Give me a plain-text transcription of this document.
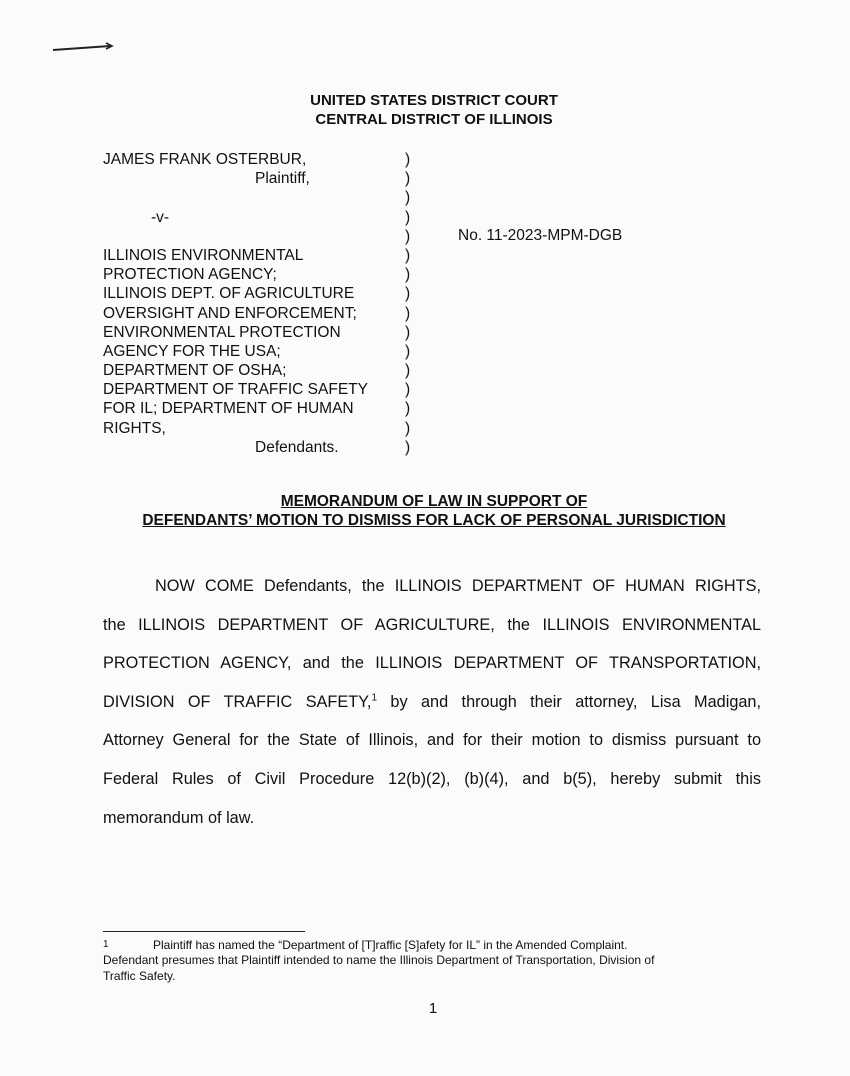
UNITED STATES DISTRICT COURT
CENTRAL DISTRICT OF ILLINOIS
JAMES FRANK OSTERBUR,
Plaintiff,
-v-
ILLINOIS ENVIRONMENTAL
PROTECTION AGENCY;
ILLINOIS DEPT. OF AGRICULTURE
OVERSIGHT AND ENFORCEMENT;
ENVIRONMENTAL PROTECTION
AGENCY FOR THE USA;
DEPARTMENT OF OSHA;
DEPARTMENT OF TRAFFIC SAFETY
FOR IL; DEPARTMENT OF HUMAN
RIGHTS,
Defendants.
)
)
)
)
)
)
)
)
)
)
)
)
)
)
)
)
No. 11-2023-MPM-DGB
MEMORANDUM OF LAW IN SUPPORT OF
DEFENDANTS’ MOTION TO DISMISS FOR LACK OF PERSONAL JURISDICTION
NOW COME Defendants, the ILLINOIS DEPARTMENT OF HUMAN RIGHTS,
the ILLINOIS DEPARTMENT OF AGRICULTURE, the ILLINOIS ENVIRONMENTAL
PROTECTION AGENCY, and the ILLINOIS DEPARTMENT OF TRANSPORTATION,
DIVISION OF TRAFFIC SAFETY,$^1$ by and through their attorney, Lisa Madigan,
Attorney General for the State of Illinois, and for their motion to dismiss pursuant to
Federal Rules of Civil Procedure 12(b)(2), (b)(4), and b(5), hereby submit this
memorandum of law.
1	Plaintiff has named the “Department of [T]raffic [S]afety for IL” in the Amended Complaint.
Defendant presumes that Plaintiff intended to name the Illinois Department of Transportation, Division of
Traffic Safety.
1
